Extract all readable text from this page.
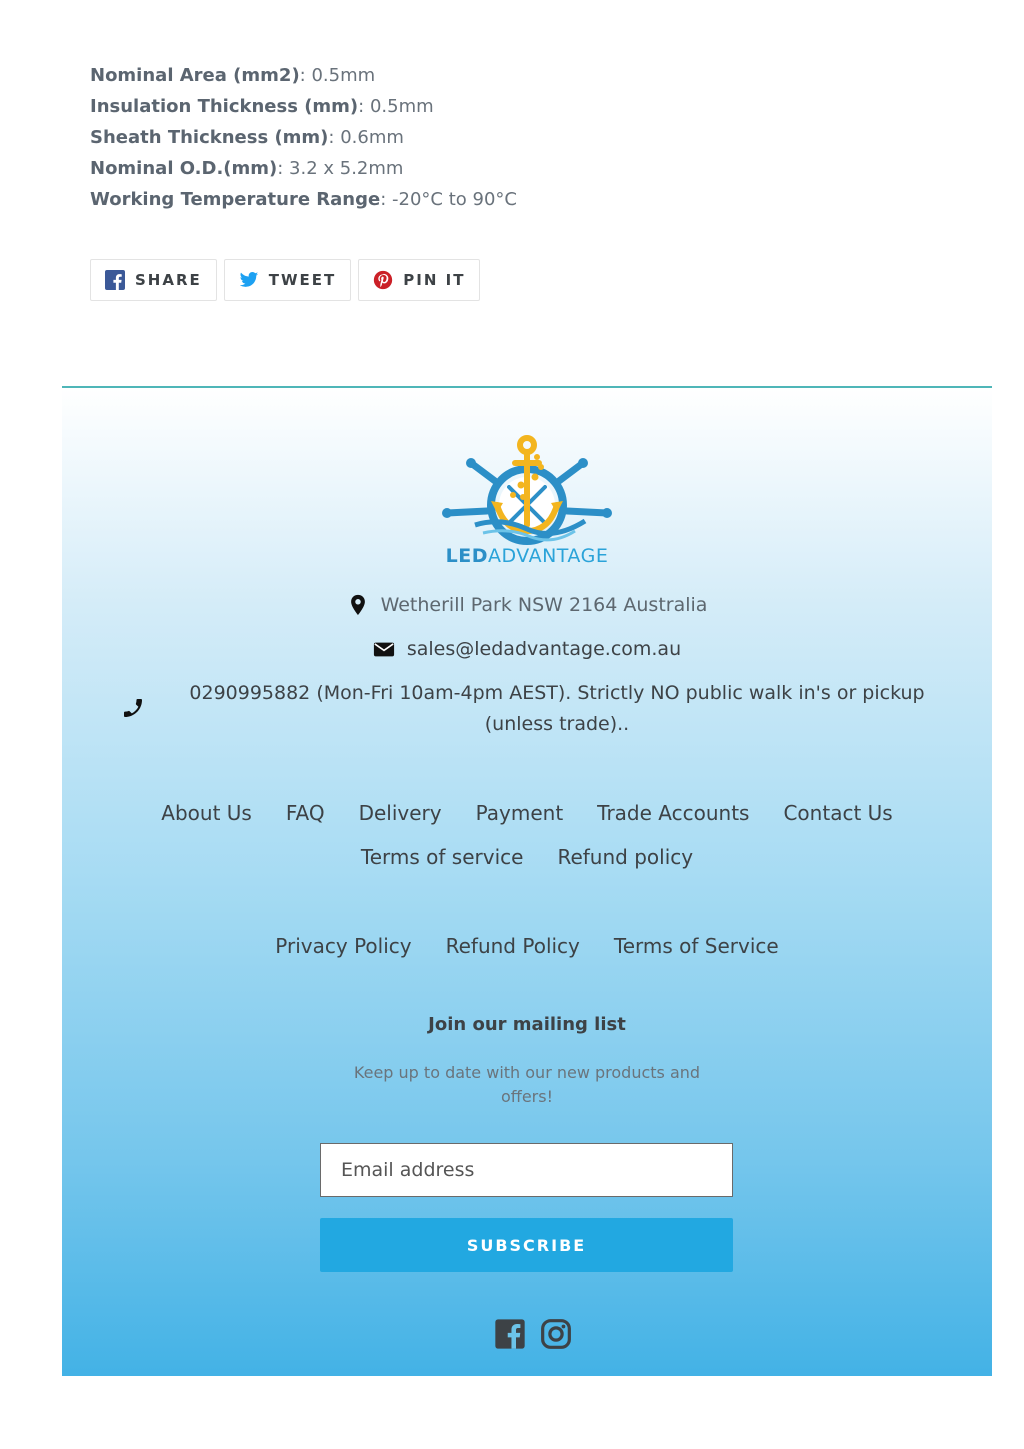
Nominal Area (mm2): 0.5mm
Insulation Thickness (mm): 0.5mm
Sheath Thickness (mm): 0.6mm
Nominal O.D.(mm): 3.2 x 5.2mm
Working Temperature Range: -20°C to 90°C
SHARE	TWEET	PIN IT
LEDADVANTAGE
Wetherill Park NSW 2164 Australia
sales@ledadvantage.com.au
0290995882 (Mon-Fri 10am-4pm AEST). Strictly NO public walk in's or pickup (unless trade)..
About Us FAQ Delivery Payment Trade Accounts Contact Us
Terms of service Refund policy
Privacy Policy Refund Policy Terms of Service
Join our mailing list
Keep up to date with our new products and offers!
Email address
SUBSCRIBE
